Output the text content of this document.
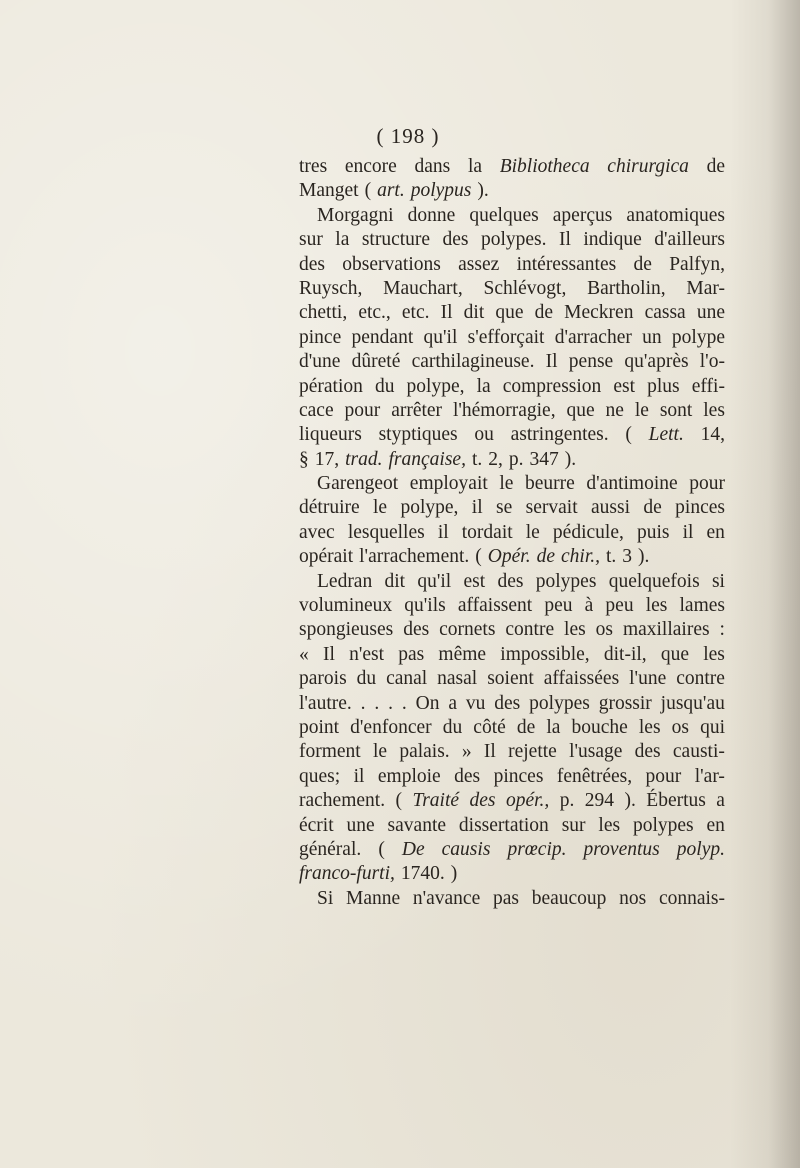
( 198 )
tres encore dans la Bibliotheca chirurgica de
Manget ( art. polypus ).
Morgagni donne quelques aperçus anatomiques
sur la structure des polypes. Il indique d'ailleurs
des observations assez intéressantes de Palfyn,
Ruysch, Mauchart, Schlévogt, Bartholin, Mar-
chetti, etc., etc. Il dit que de Meckren cassa une
pince pendant qu'il s'efforçait d'arracher un polype
d'une dûreté carthilagineuse. Il pense qu'après l'o-
pération du polype, la compression est plus effi-
cace pour arrêter l'hémorragie, que ne le sont les
liqueurs styptiques ou astringentes. ( Lett. 14,
§ 17, trad. française, t. 2, p. 347 ).
Garengeot employait le beurre d'antimoine pour
détruire le polype, il se servait aussi de pinces
avec lesquelles il tordait le pédicule, puis il en
opérait l'arrachement. ( Opér. de chir., t. 3 ).
Ledran dit qu'il est des polypes quelquefois si
volumineux qu'ils affaissent peu à peu les lames
spongieuses des cornets contre les os maxillaires :
« Il n'est pas même impossible, dit-il, que les
parois du canal nasal soient affaissées l'une contre
l'autre. . . . . On a vu des polypes grossir jusqu'au
point d'enfoncer du côté de la bouche les os qui
forment le palais. » Il rejette l'usage des causti-
ques; il emploie des pinces fenêtrées, pour l'ar-
rachement. ( Traité des opér., p. 294 ). Ébertus a
écrit une savante dissertation sur les polypes en
général. ( De causis prœcip. proventus polyp.
franco-furti, 1740. )
Si Manne n'avance pas beaucoup nos connais-
